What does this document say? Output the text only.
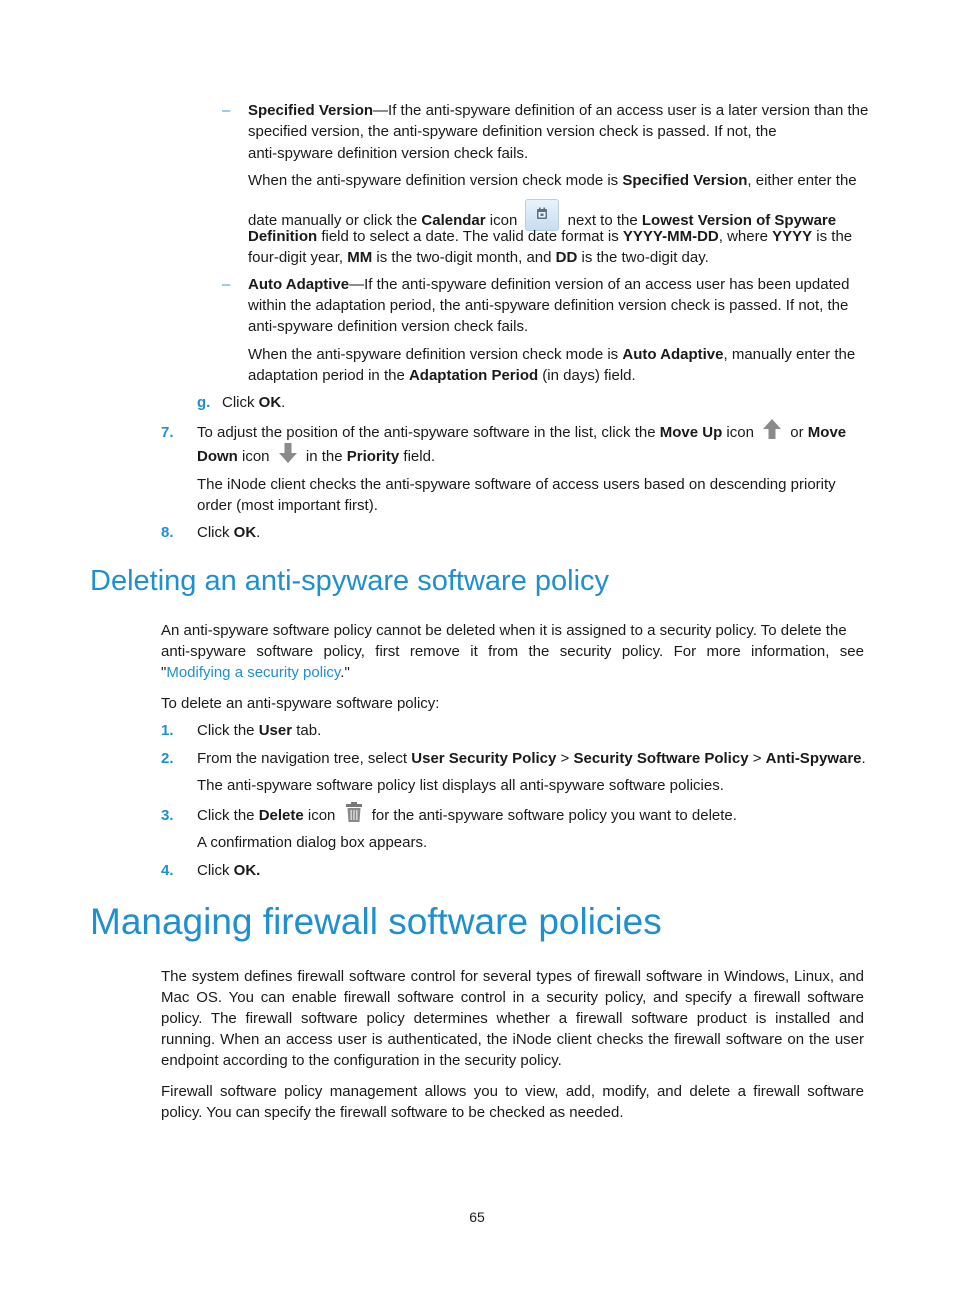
– Specified Version—If the anti-spyware definition of an access user is a later version than the
specified version, the anti-spyware definition version check is passed. If not, the
anti-spyware definition version check fails.
When the anti-spyware definition version check mode is Specified Version, either enter the
date manually or click the Calendar icon	next to the Lowest Version of Spyware
Definition field to select a date. The valid date format is YYYY-MM-DD, where YYYY is the
four-digit year, MM is the two-digit month, and DD is the two-digit day.
– Auto Adaptive—If the anti-spyware definition version of an access user has been updated
within the adaptation period, the anti-spyware definition version check is passed. If not, the
anti-spyware definition version check fails.
When the anti-spyware definition version check mode is Auto Adaptive, manually enter the
adaptation period in the Adaptation Period (in days) field.
g. Click OK.
7. To adjust the position of the anti-spyware software in the list, click the Move Up icon or Move
Down icon in the Priority field.
The iNode client checks the anti-spyware software of access users based on descending priority
order (most important first).
8. Click OK.
Deleting an anti-spyware software policy
An anti-spyware software policy cannot be deleted when it is assigned to a security policy. To delete the
anti-spyware software policy, first remove it from the security policy. For more information, see
"Modifying a security policy."
To delete an anti-spyware software policy:
1. Click the User tab.
2. From the navigation tree, select User Security Policy > Security Software Policy > Anti-Spyware.
The anti-spyware software policy list displays all anti-spyware software policies.
3. Click the Delete icon for the anti-spyware software policy you want to delete.
A confirmation dialog box appears.
4. Click OK.
Managing firewall software policies
The system defines firewall software control for several types of firewall software in Windows, Linux, and
Mac OS. You can enable firewall software control in a security policy, and specify a firewall software
policy. The firewall software policy determines whether a firewall software product is installed and
running. When an access user is authenticated, the iNode client checks the firewall software on the user
endpoint according to the configuration in the security policy.
Firewall software policy management allows you to view, add, modify, and delete a firewall software
policy. You can specify the firewall software to be checked as needed.
65
